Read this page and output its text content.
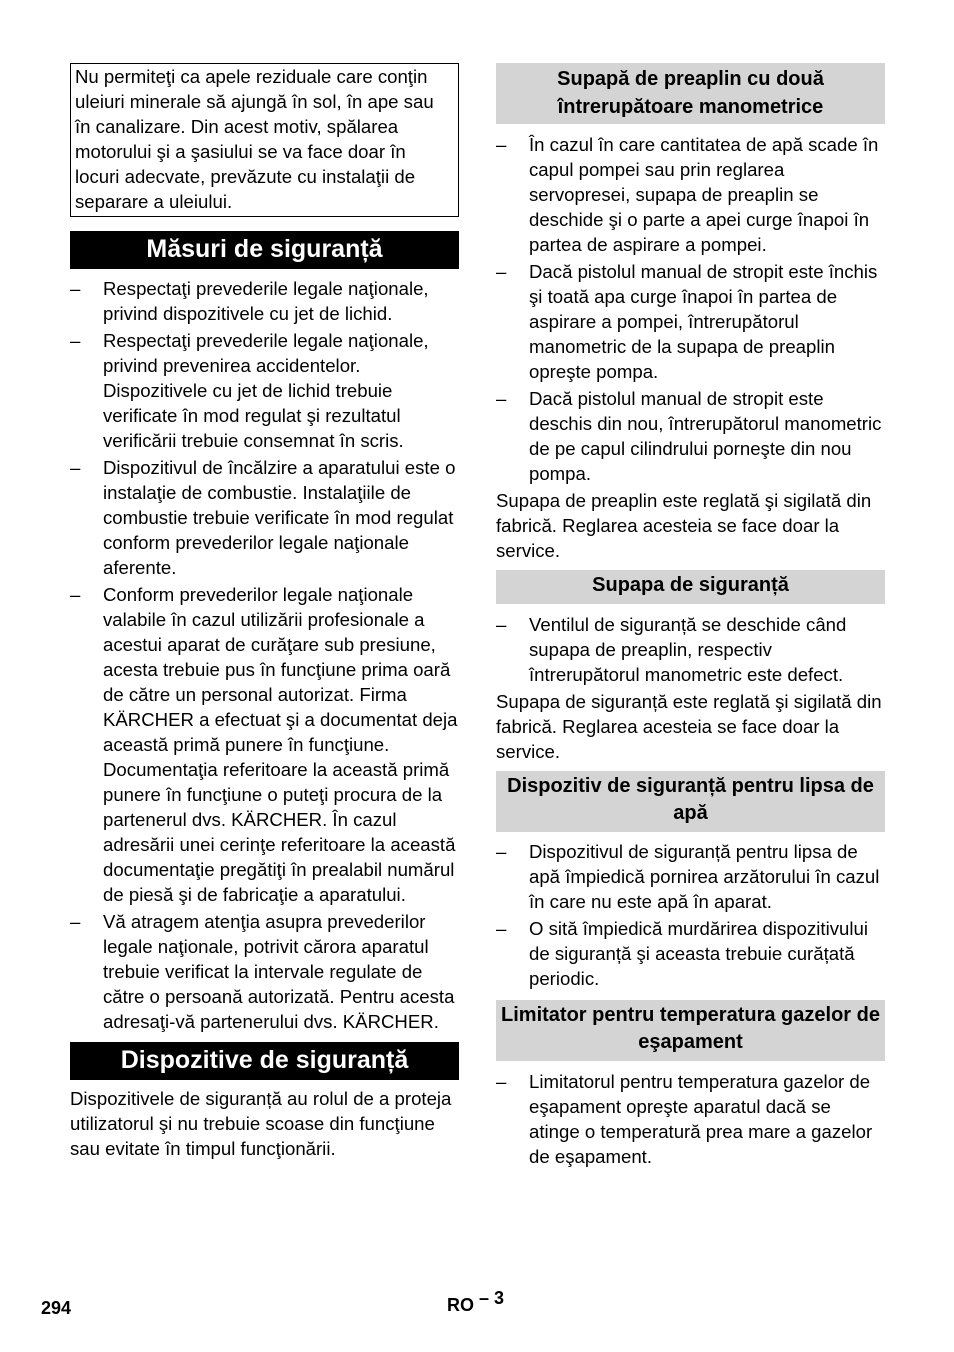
Nu permiteţi ca apele reziduale care conţin uleiuri minerale să ajungă în sol, în ape sau în canalizare. Din acest motiv, spălarea motorului şi a şasiului se va face doar în locuri adecvate, prevăzute cu instalaţii de separare a uleiului.
Măsuri de siguranță
– Respectaţi prevederile legale naţionale, privind dispozitivele cu jet de lichid.
– Respectaţi prevederile legale naţionale, privind prevenirea accidentelor. Dispozitivele cu jet de lichid trebuie verificate în mod regulat şi rezultatul verificării trebuie consemnat în scris.
– Dispozitivul de încălzire a aparatului este o instalaţie de combustie. Instalaţiile de combustie trebuie verificate în mod regulat conform prevederilor legale naţionale aferente.
– Conform prevederilor legale naţionale valabile în cazul utilizării profesionale a acestui aparat de curăţare sub presiune, acesta trebuie pus în funcţiune prima oară de către un personal autorizat. Firma KÄRCHER a efectuat şi a documentat deja această primă punere în funcţiune. Documentaţia referitoare la această primă punere în funcţiune o puteţi procura de la partenerul dvs. KÄRCHER. În cazul adresării unei cerinţe referitoare la această documentaţie pregătiţi în prealabil numărul de piesă şi de fabricaţie a aparatului.
– Vă atragem atenţia asupra prevederilor legale naţionale, potrivit cărora aparatul trebuie verificat la intervale regulate de către o persoană autorizată. Pentru acesta adresaţi-vă partenerului dvs. KÄRCHER.
Dispozitive de siguranță

Dispozitivele de siguranță au rolul de a proteja utilizatorul şi nu trebuie scoase din funcţiune sau evitate în timpul funcţionării.

Supapă de preaplin cu două întrerupătoare manometrice
– În cazul în care cantitatea de apă scade în capul pompei sau prin reglarea servopresei, supapa de preaplin se deschide şi o parte a apei curge înapoi în partea de aspirare a pompei.
– Dacă pistolul manual de stropit este închis şi toată apa curge înapoi în partea de aspirare a pompei, întrerupătorul manometric de la supapa de preaplin opreşte pompa.
– Dacă pistolul manual de stropit este deschis din nou, întrerupătorul manometric de pe capul cilindrului porneşte din nou pompa.

Supapa de preaplin este reglată şi sigilată din fabrică. Reglarea acesteia se face doar la service.

Supapa de siguranță
– Ventilul de siguranță se deschide când supapa de preaplin, respectiv întrerupătorul manometric este defect.

Supapa de siguranță este reglată şi sigilată din fabrică. Reglarea acesteia se face doar la service.

Dispozitiv de siguranță pentru lipsa de apă
– Dispozitivul de siguranță pentru lipsa de apă împiedică pornirea arzătorului în cazul în care nu este apă în aparat.
– O sită împiedică murdărirea dispozitivului de siguranță şi aceasta trebuie curățată periodic.
Limitator pentru temperatura gazelor de eşapament
– Limitatorul pentru temperatura gazelor de eşapament opreşte aparatul dacă se atinge o temperatură prea mare a gazelor de eşapament.
294	RO – 3
